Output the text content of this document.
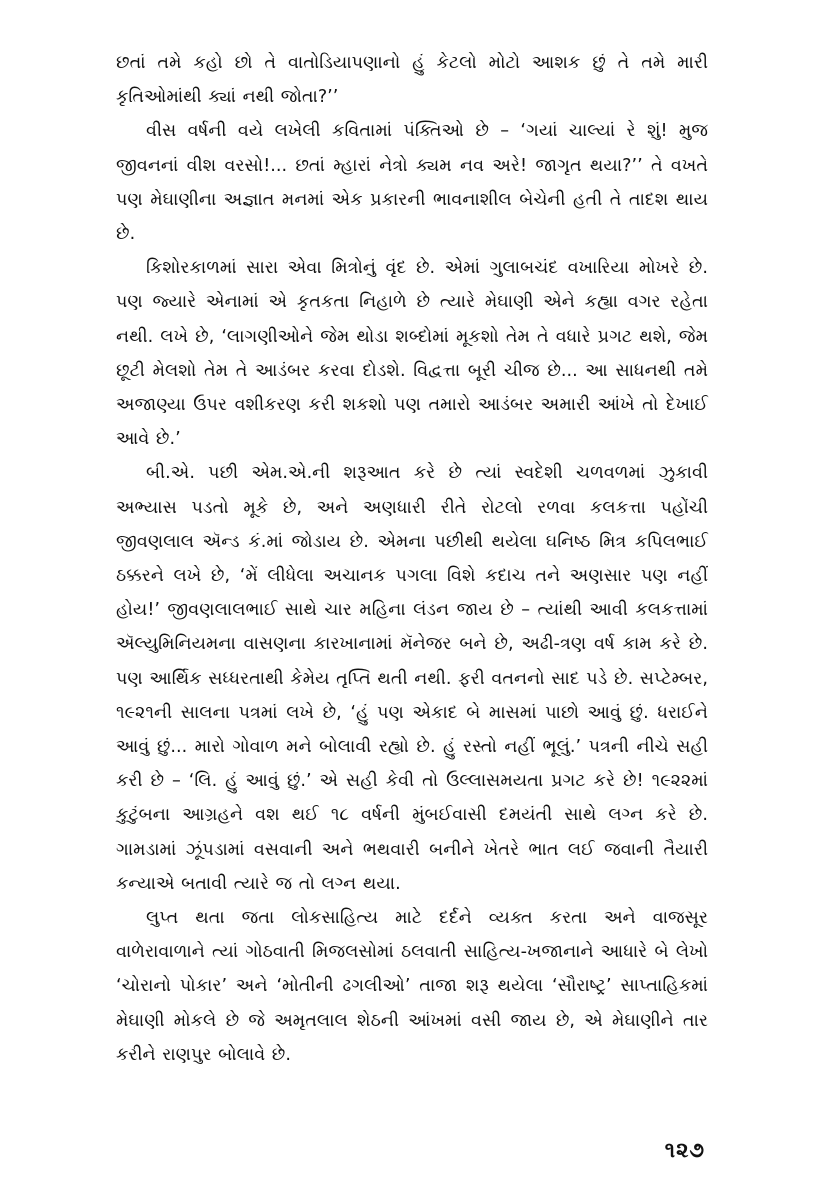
છતાં તમે કહો છો તે વાતોડિયાપણાનો હું કેટલો મોટો આશક છું તે તમે મારી કૃતિઓમાંથી ક્યાં નથી જોતા?’’

વીસ વર્ષની વયે લખેલી કવિતામાં પંક્તિઓ છે – ‘ગયાં ચાલ્યાં રે શું! મુજ જીવનનાં વીશ વરસો!... છતાં મ્હારાં નેત્રો ક્યમ નવ અરે! જાગૃત થયા?’’ તે વખતે પણ મેઘાણીના અજ્ઞાત મનમાં એક પ્રકારની ભાવનાશીલ બેચેની હતી તે તાદશ થાય છે.

કિશોરકાળમાં સારા એવા મિત્રોનું વૃંદ છે. એમાં ગુલાબચંદ વખારિયા મોખરે છે. પણ જ્યારે એનામાં એ કૃતકતા નિહાળે છે ત્યારે મેઘાણી એને કહ્યા વગર રહેતા નથી. લખે છે, ‘લાગણીઓને જેમ થોડા શબ્દોમાં મૂકશો તેમ તે વધારે પ્રગટ થશે, જેમ છૂટી મેલશો તેમ તે આડંબર કરવા દોડશે. વિદ્વત્તા બૂરી ચીજ છે... આ સાધનથી તમે અજાણ્યા ઉપર વશીકરણ કરી શકશો પણ તમારો આડંબર અમારી આંખે તો દેખાઈ આવે છે.’

બી.એ. પછી એમ.એ.ની શરૂઆત કરે છે ત્યાં સ્વદેશી ચળવળમાં ઝુકાવી અભ્યાસ પડતો મૂકે છે, અને અણધારી રીતે રોટલો રળવા કલકત્તા પહોંચી જીવણલાલ ઍન્ડ કં.માં જોડાય છે. એમના પછીથી થયેલા ઘનિષ્ઠ મિત્ર કપિલભાઈ ઠક્કરને લખે છે, ‘મેં લીધેલા અચાનક પગલા વિશે કદાચ તને અણસાર પણ નહીં હોય!’ જીવણલાલભાઈ સાથે ચાર મહિના લંડન જાય છે – ત્યાંથી આવી કલકત્તામાં ઍલ્યુમિનિયમના વાસણના કારખાનામાં મૅનેજર બને છે, અઢી-ત્રણ વર્ષ કામ કરે છે. પણ આર્થિક સધ્ધરતાથી કેમેય તૃપ્તિ થતી નથી. ફરી વતનનો સાદ પડે છે. સપ્ટેમ્બર, ૧૯૨૧ની સાલના પત્રમાં લખે છે, ‘હું પણ એકાદ બે માસમાં પાછો આવું છું. ધરાઈને આવું છું... મારો ગોવાળ મને બોલાવી રહ્યો છે. હું રસ્તો નહીં ભૂલું.’ પત્રની નીચે સહી કરી છે – ‘લિ. હું આવું છું.’ એ સહી કેવી તો ઉલ્લાસમયતા પ્રગટ કરે છે! ૧૯૨૨માં કુટુંબના આગ્રહને વશ થઈ ૧૮ વર્ષની મુંબઈવાસી દમયંતી સાથે લગ્ન કરે છે. ગામડામાં ઝૂંપડામાં વસવાની અને ભથવારી બનીને ખેતરે ભાત લઈ જવાની તૈયારી કન્યાએ બતાવી ત્યારે જ તો લગ્ન થયા.

લુપ્ત થતા જતા લોકસાહિત્ય માટે દર્દને વ્યક્ત કરતા અને વાજસૂર વાળેરાવાળાને ત્યાં ગોઠવાતી મિજલસોમાં ઠલવાતી સાહિત્ય-ખજાનાને આધારે બે લેખો ‘ચોરાનો પોકાર’ અને ‘મોતીની ઢગલીઓ’ તાજા શરૂ થયેલા ‘સૌરાષ્ટ્ર’ સાપ્તાહિકમાં મેઘાણી મોકલે છે જે અમૃતલાલ શેઠની આંખમાં વસી જાય છે, એ મેઘાણીને તાર કરીને રાણપુર બોલાવે છે.

૧૨૭
